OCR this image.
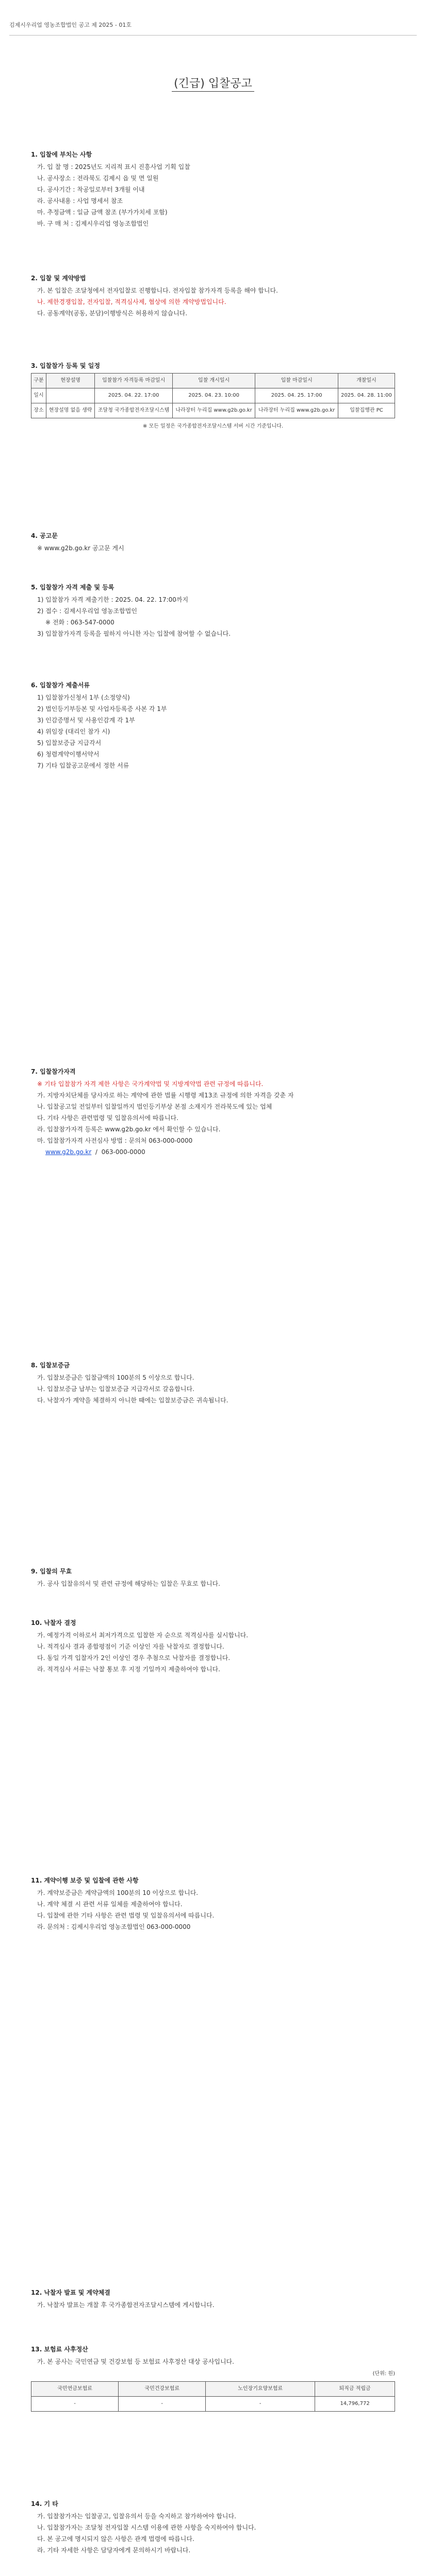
김제시우리업 영농조합법인 공고 제 2025 - 01호
(긴급) 입찰공고
1. 입찰에 부치는 사항
가. 입 찰 명 : 2025년도 지리적 표시 진흥사업 기획 입찰
나. 공사장소 : 전라북도 김제시 읍 및 면 일원
다. 공사기간 : 착공일로부터 3개월 이내
라. 공사내용 : 사업 명세서 참조
마. 추정금액 : 일금 금액 참조 (부가가치세 포함)
바. 구 매 처 : 김제시우리업 영농조합법인
2. 입찰 및 계약방법
가. 본 입찰은 조달청에서 전자입찰로 진행합니다. 전자입찰 참가자격 등록을 해야 합니다.
나. 제한경쟁입찰, 전자입찰, 적격심사제, 협상에 의한 계약방법입니다.
다. 공동계약(공동, 분담)이행방식은 허용하지 않습니다.
3. 입찰참가 등록 및 일정
구분	현장설명	입찰참가 자격등록 마감일시	입찰 개시일시	입찰 마감일시	개찰일시
일시		2025. 04. 22. 17:00	2025. 04. 23. 10:00	2025. 04. 25. 17:00	2025. 04. 28. 11:00
장소	현장설명 없음 생략	조달청 국가종합전자조달시스템	나라장터 누리집 www.g2b.go.kr	나라장터 누리집 www.g2b.go.kr	입찰집행관 PC
※ 모든 일정은 국가종합전자조달시스템 서버 시간 기준입니다.
4. 공고문
※ www.g2b.go.kr 공고문 게시
5. 입찰참가 자격 제출 및 등록
1) 입찰참가 자격 제출기한 : 2025. 04. 22. 17:00까지
2) 접수 : 김제시우리업 영농조합법인
※ 전화 : 063-547-0000
3) 입찰참가자격 등록을 필하지 아니한 자는 입찰에 참여할 수 없습니다.
6. 입찰참가 제출서류
1) 입찰참가신청서 1부 (소정양식)
2) 법인등기부등본 및 사업자등록증 사본 각 1부
3) 인감증명서 및 사용인감계 각 1부
4) 위임장 (대리인 참가 시)
5) 입찰보증금 지급각서
6) 청렴계약이행서약서
7) 기타 입찰공고문에서 정한 서류
7. 입찰참가자격
※ 기타 입찰참가 자격 제한 사항은 국가계약법 및 지방계약법 관련 규정에 따릅니다.
가. 지방자치단체를 당사자로 하는 계약에 관한 법률 시행령 제13조 규정에 의한 자격을 갖춘 자
나. 입찰공고일 전일부터 입찰일까지 법인등기부상 본점 소재지가 전라북도에 있는 업체
다. 기타 사항은 관련법령 및 입찰유의서에 따릅니다.
라. 입찰참가자격 등록은 www.g2b.go.kr 에서 확인할 수 있습니다.
마. 입찰참가자격 사전심사 방법 : 문의처 063-000-0000
www.g2b.go.kr  /  063-000-0000
8. 입찰보증금
가. 입찰보증금은 입찰금액의 100분의 5 이상으로 합니다.
나. 입찰보증금 납부는 입찰보증금 지급각서로 갈음합니다.
다. 낙찰자가 계약을 체결하지 아니한 때에는 입찰보증금은 귀속됩니다.
9. 입찰의 무효
가. 공사 입찰유의서 및 관련 규정에 해당하는 입찰은 무효로 합니다.
10. 낙찰자 결정
가. 예정가격 이하로서 최저가격으로 입찰한 자 순으로 적격심사를 실시합니다.
나. 적격심사 결과 종합평점이 기준 이상인 자를 낙찰자로 결정합니다.
다. 동일 가격 입찰자가 2인 이상인 경우 추첨으로 낙찰자를 결정합니다.
라. 적격심사 서류는 낙찰 통보 후 지정 기일까지 제출하여야 합니다.
11. 계약이행 보증 및 입찰에 관한 사항
가. 계약보증금은 계약금액의 100분의 10 이상으로 합니다.
나. 계약 체결 시 관련 서류 일체를 제출하여야 합니다.
다. 입찰에 관한 기타 사항은 관련 법령 및 입찰유의서에 따릅니다.
라. 문의처 : 김제시우리업 영농조합법인 063-000-0000
12. 낙찰자 발표 및 계약체결
가. 낙찰자 발표는 개찰 후 국가종합전자조달시스템에 게시합니다.
13. 보험료 사후정산
가. 본 공사는 국민연금 및 건강보험 등 보험료 사후정산 대상 공사입니다.
(단위: 원)
국민연금보험료	국민건강보험료	노인장기요양보험료	퇴직금 적립금
-	-	-	14,796,772
14. 기 타
가. 입찰참가자는 입찰공고, 입찰유의서 등을 숙지하고 참가하여야 합니다.
나. 입찰참가자는 조달청 전자입찰 시스템 이용에 관한 사항을 숙지하여야 합니다.
다. 본 공고에 명시되지 않은 사항은 관계 법령에 따릅니다.
라. 기타 자세한 사항은 담당자에게 문의하시기 바랍니다.
